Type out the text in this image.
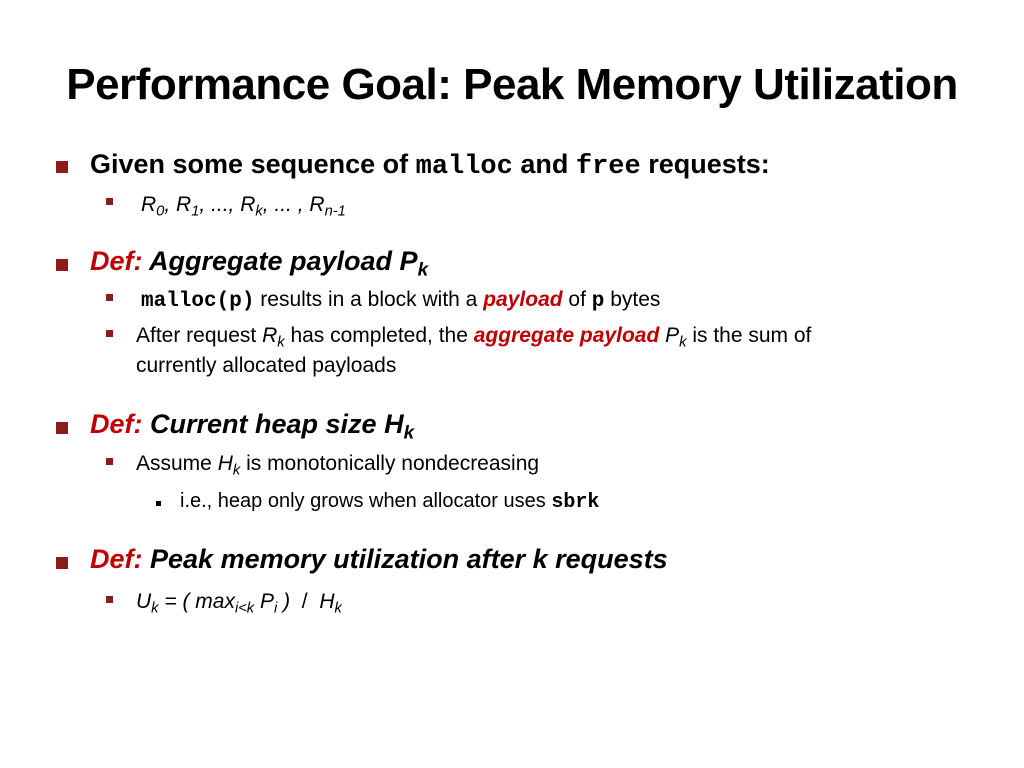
Performance Goal: Peak Memory Utilization
Given some sequence of malloc and free requests:
$R_0$, $R_1$, ..., $R_k$, ... , $R_{n-1}$
Def: Aggregate payload $P_k$
malloc(p) results in a block with a payload of p bytes
After request $R_k$ has completed, the aggregate payload $P_k$ is the sum of
currently allocated payloads
Def: Current heap size $H_k$
Assume $H_k$ is monotonically nondecreasing
i.e., heap only grows when allocator uses sbrk
Def: Peak memory utilization after k requests
$U_k$ = ( $\max_{i<k} P_i$ ) / $H_k$
